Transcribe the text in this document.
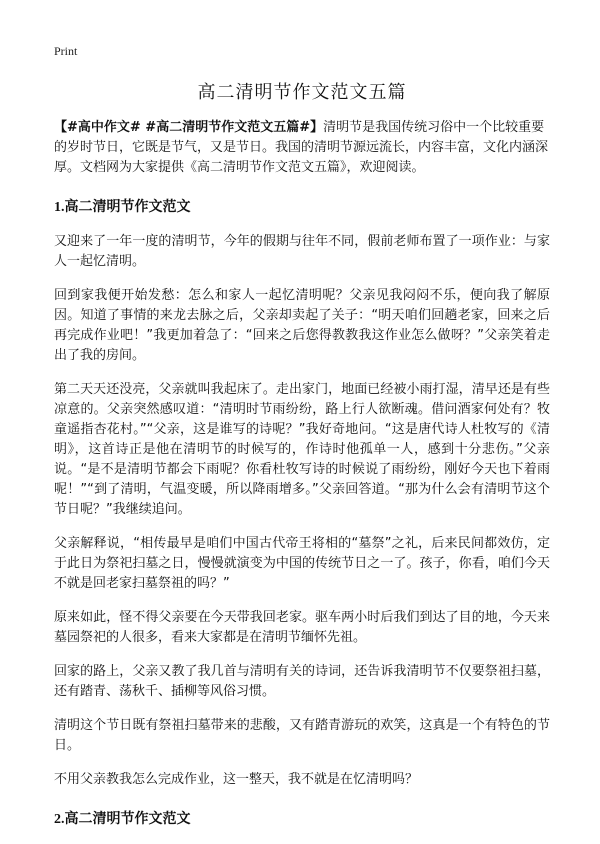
Print
高二清明节作文范文五篇

【#高中作文# #高二清明节作文范文五篇#】清明节是我国传统习俗中一个比较重要的岁时节日，它既是节气，又是节日。我国的清明节源远流长，内容丰富，文化内涵深厚。文档网为大家提供《高二清明节作文范文五篇》，欢迎阅读。

1.高二清明节作文范文

又迎来了一年一度的清明节，今年的假期与往年不同，假前老师布置了一项作业：与家人一起忆清明。

回到家我便开始发愁：怎么和家人一起忆清明呢？父亲见我闷闷不乐，便向我了解原因。知道了事情的来龙去脉之后，父亲却卖起了关子：“明天咱们回趟老家，回来之后再完成作业吧！”我更加着急了：“回来之后您得教教我这作业怎么做呀？”父亲笑着走出了我的房间。

第二天天还没亮，父亲就叫我起床了。走出家门，地面已经被小雨打湿，清早还是有些凉意的。父亲突然感叹道：“清明时节雨纷纷，路上行人欲断魂。借问酒家何处有？牧童遥指杏花村。”“父亲，这是谁写的诗呢？”我好奇地问。“这是唐代诗人杜牧写的《清明》，这首诗正是他在清明节的时候写的，作诗时他孤单一人，感到十分悲伤。”父亲说。“是不是清明节都会下雨呢？你看杜牧写诗的时候说了雨纷纷，刚好今天也下着雨呢！”“到了清明，气温变暖，所以降雨增多。”父亲回答道。“那为什么会有清明节这个节日呢？”我继续追问。

父亲解释说，“相传最早是咱们中国古代帝王将相的“墓祭”之礼，后来民间都效仿，定于此日为祭祀扫墓之日，慢慢就演变为中国的传统节日之一了。孩子，你看，咱们今天不就是回老家扫墓祭祖的吗？”

原来如此，怪不得父亲要在今天带我回老家。驱车两小时后我们到达了目的地，今天来墓园祭祀的人很多，看来大家都是在清明节缅怀先祖。

回家的路上，父亲又教了我几首与清明有关的诗词，还告诉我清明节不仅要祭祖扫墓，还有踏青、荡秋千、插柳等风俗习惯。

清明这个节日既有祭祖扫墓带来的悲酸，又有踏青游玩的欢笑，这真是一个有特色的节日。

不用父亲教我怎么完成作业，这一整天，我不就是在忆清明吗？

2.高二清明节作文范文
